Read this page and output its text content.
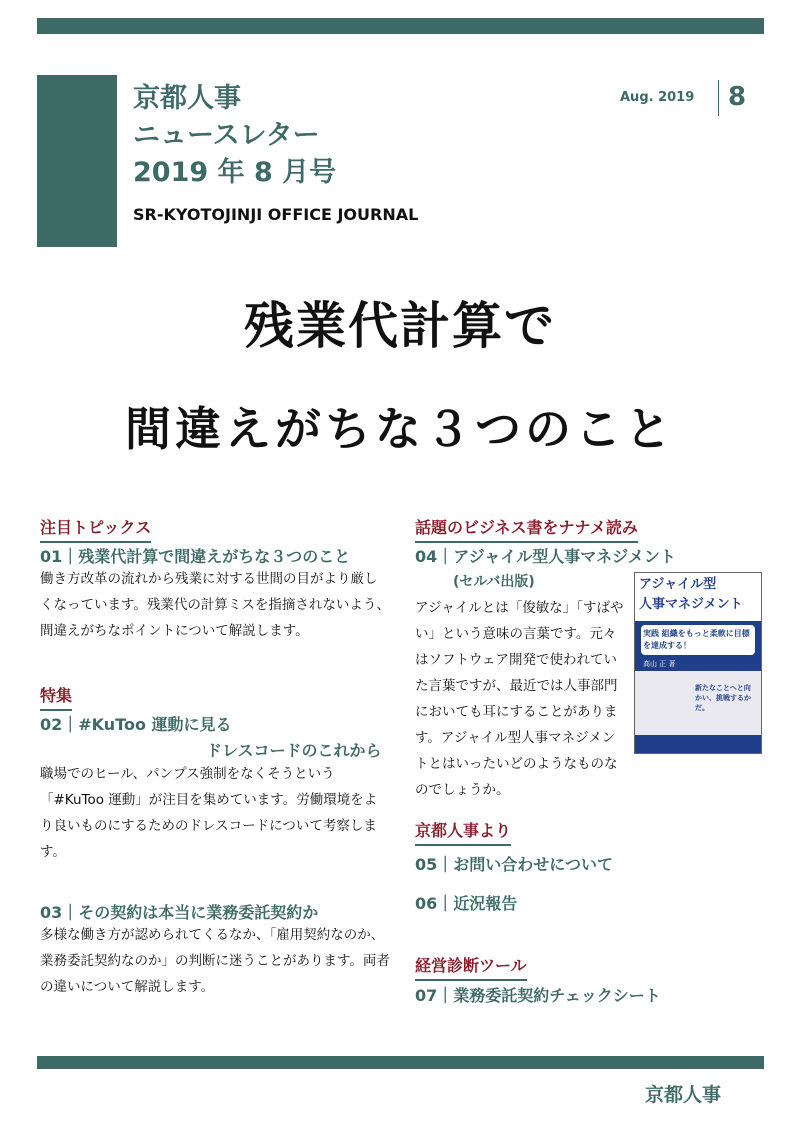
京都人事
ニュースレター
2019 年 8 月号
SR-KYOTOJINJI OFFICE JOURNAL
Aug. 2019 8
残業代計算で
間違えがちな３つのこと
注目トピックス
01｜残業代計算で間違えがちな３つのこと
働き方改革の流れから残業に対する世間の目がより厳しくなっています。残業代の計算ミスを指摘されないよう、間違えがちなポイントについて解説します。
特集
02｜#KuToo 運動に見る
ドレスコードのこれから
職場でのヒール、パンプス強制をなくそうという「#KuToo 運動」が注目を集めています。労働環境をより良いものにするためのドレスコードについて考察します。
03｜その契約は本当に業務委託契約か
多様な働き方が認められてくるなか、「雇用契約なのか、業務委託契約なのか」の判断に迷うことがあります。両者の違いについて解説します。
話題のビジネス書をナナメ読み
04｜アジャイル型人事マネジメント
(セルバ出版)
アジャイルとは「俊敏な」「すばやい」という意味の言葉です。元々はソフトウェア開発で使われていた言葉ですが、最近では人事部門においても耳にすることがあります。アジャイル型人事マネジメントとはいったいどのようなものなのでしょうか。
アジャイル型
人事マネジメント
実践 組織をもっと柔軟に目標を達成する！
高山 正 著
新たなことへと向かい、挑戦するかだ。
京都人事より
05｜お問い合わせについて
06｜近況報告
経営診断ツール
07｜業務委託契約チェックシート
京都人事
